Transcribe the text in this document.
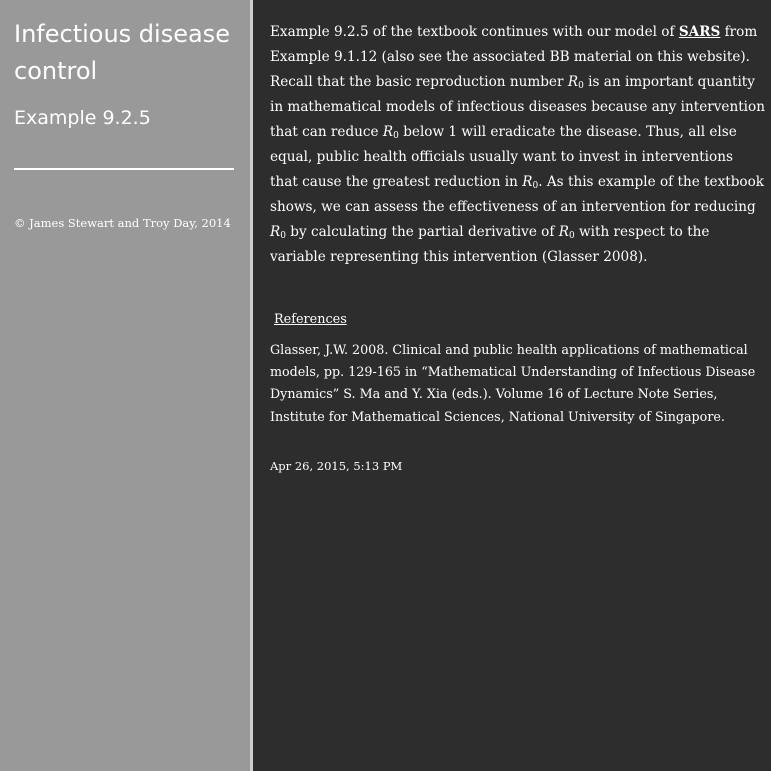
Infectious disease control
Example 9.2.5

© James Stewart and Troy Day, 2014

Example 9.2.5 of the textbook continues with our model of SARS from Example 9.1.12 (also see the associated BB material on this website). Recall that the basic reproduction number $R_0$ is an important quantity in mathematical models of infectious diseases because any intervention that can reduce $R_0$ below 1 will eradicate the disease. Thus, all else equal, public health officials usually want to invest in interventions that cause the greatest reduction in $R_0$. As this example of the textbook shows, we can assess the effectiveness of an intervention for reducing $R_0$ by calculating the partial derivative of $R_0$ with respect to the variable representing this intervention (Glasser 2008).

References

Glasser, J.W. 2008. Clinical and public health applications of mathematical models, pp. 129-165 in “Mathematical Understanding of Infectious Disease Dynamics” S. Ma and Y. Xia (eds.). Volume 16 of Lecture Note Series, Institute for Mathematical Sciences, National University of Singapore.

Apr 26, 2015, 5:13 PM
